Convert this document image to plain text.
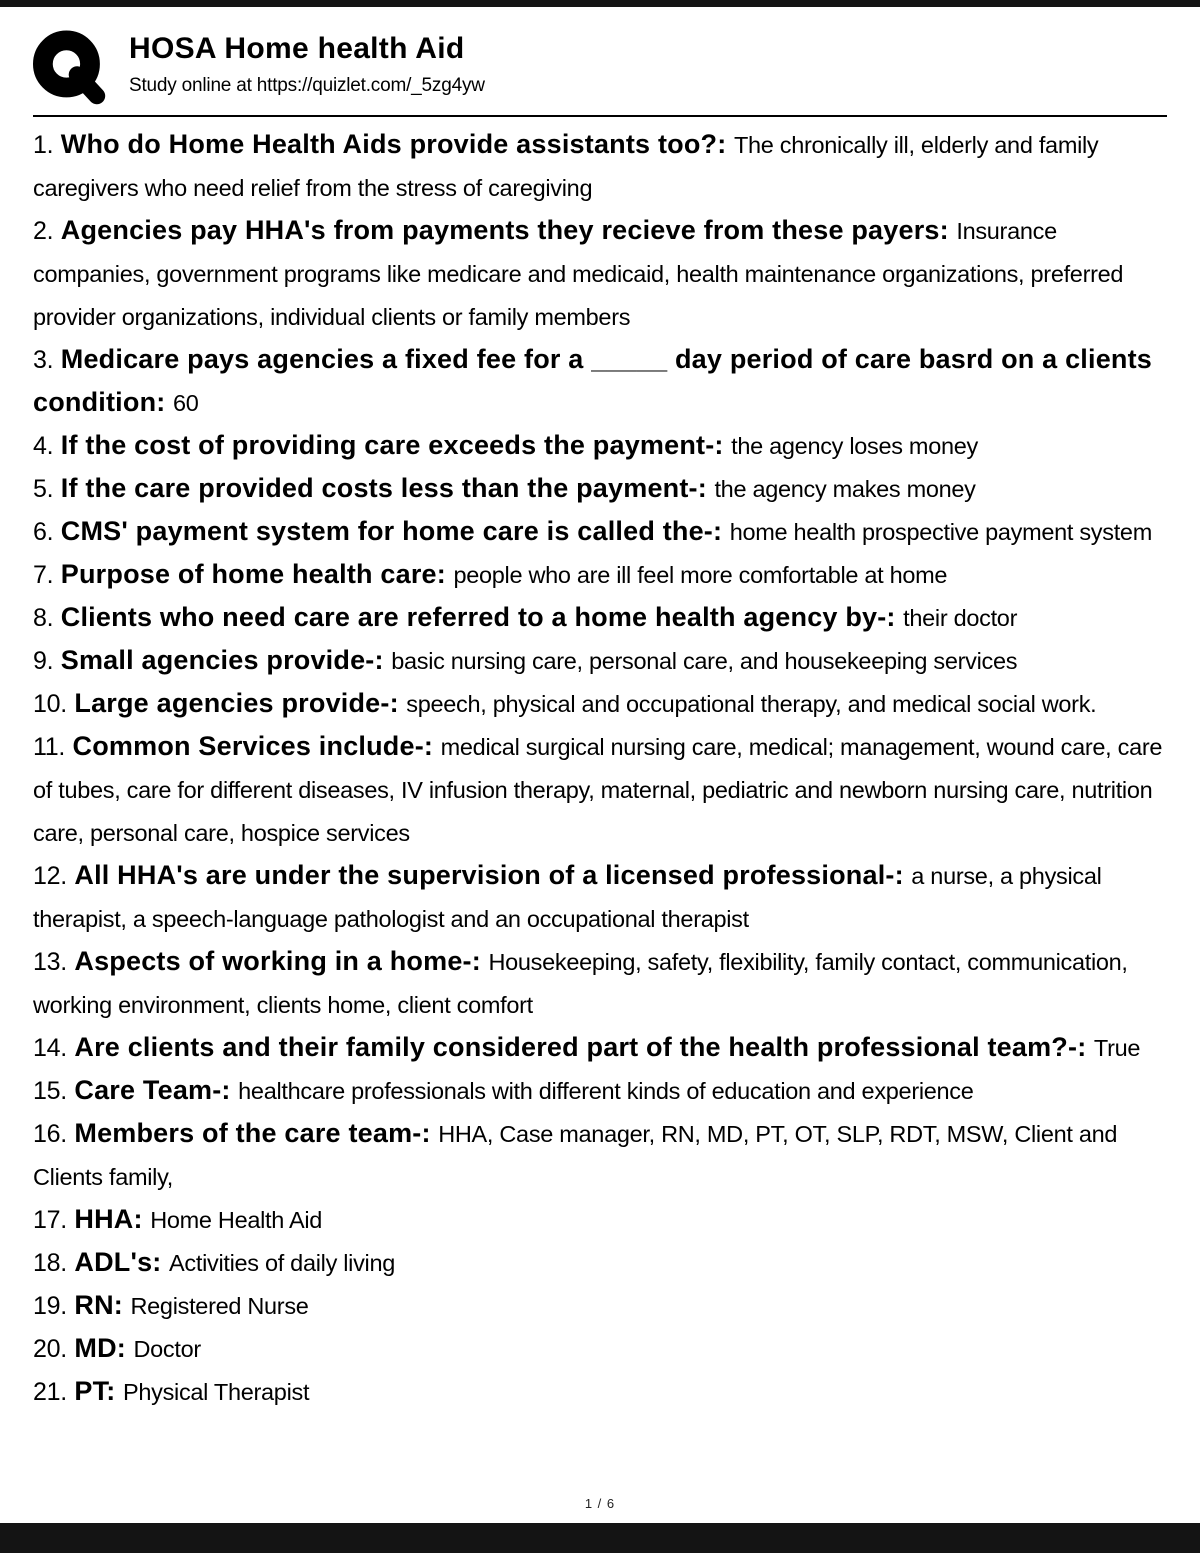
HOSA Home health Aid
Study online at https://quizlet.com/_5zg4yw

1. Who do Home Health Aids provide assistants too?: The chronically ill, elderly and family caregivers who need relief from the stress of caregiving

2. Agencies pay HHA's from payments they recieve from these payers: Insurance companies, government programs like medicare and medicaid, health maintenance organizations, preferred provider organizations, individual clients or family members

3. Medicare pays agencies a fixed fee for a _____ day period of care basrd on a clients condition: 60

4. If the cost of providing care exceeds the payment-: the agency loses money

5. If the care provided costs less than the payment-: the agency makes money

6. CMS' payment system for home care is called the-: home health prospective payment system

7. Purpose of home health care: people who are ill feel more comfortable at home

8. Clients who need care are referred to a home health agency by-: their doctor

9. Small agencies provide-: basic nursing care, personal care, and housekeeping services

10. Large agencies provide-: speech, physical and occupational therapy, and medical social work.

11. Common Services include-: medical surgical nursing care, medical; management, wound care, care of tubes, care for different diseases, IV infusion therapy, maternal, pediatric and newborn nursing care, nutrition care, personal care, hospice services

12. All HHA's are under the supervision of a licensed professional-: a nurse, a physical therapist, a speech-language pathologist and an occupational therapist

13. Aspects of working in a home-: Housekeeping, safety, flexibility, family contact, communication, working environment, clients home, client comfort

14. Are clients and their family considered part of the health professional team?-: True

15. Care Team-: healthcare professionals with different kinds of education and experience

16. Members of the care team-: HHA, Case manager, RN, MD, PT, OT, SLP, RDT, MSW, Client and Clients family,

17. HHA: Home Health Aid

18. ADL's: Activities of daily living

19. RN: Registered Nurse

20. MD: Doctor

21. PT: Physical Therapist

1 / 6
